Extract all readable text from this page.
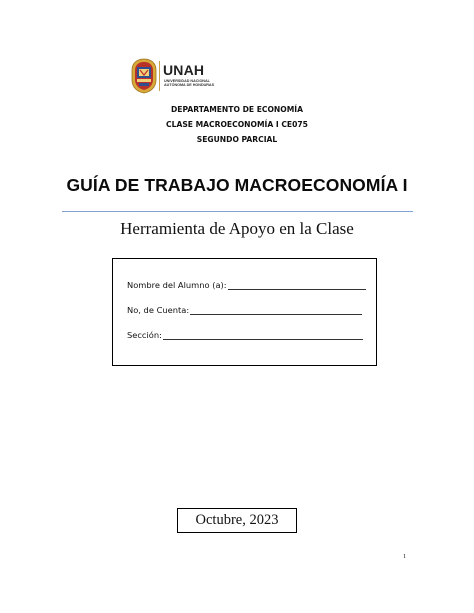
UNAH
UNIVERSIDAD NACIONAL
AUTÓNOMA DE HONDURAS
DEPARTAMENTO DE ECONOMÍA
CLASE MACROECONOMÍA I CE075
SEGUNDO PARCIAL
GUÍA DE TRABAJO MACROECONOMÍA I
Herramienta de Apoyo en la Clase
Nombre del Alumno (a):
No, de Cuenta:
Sección:
Octubre, 2023
1
